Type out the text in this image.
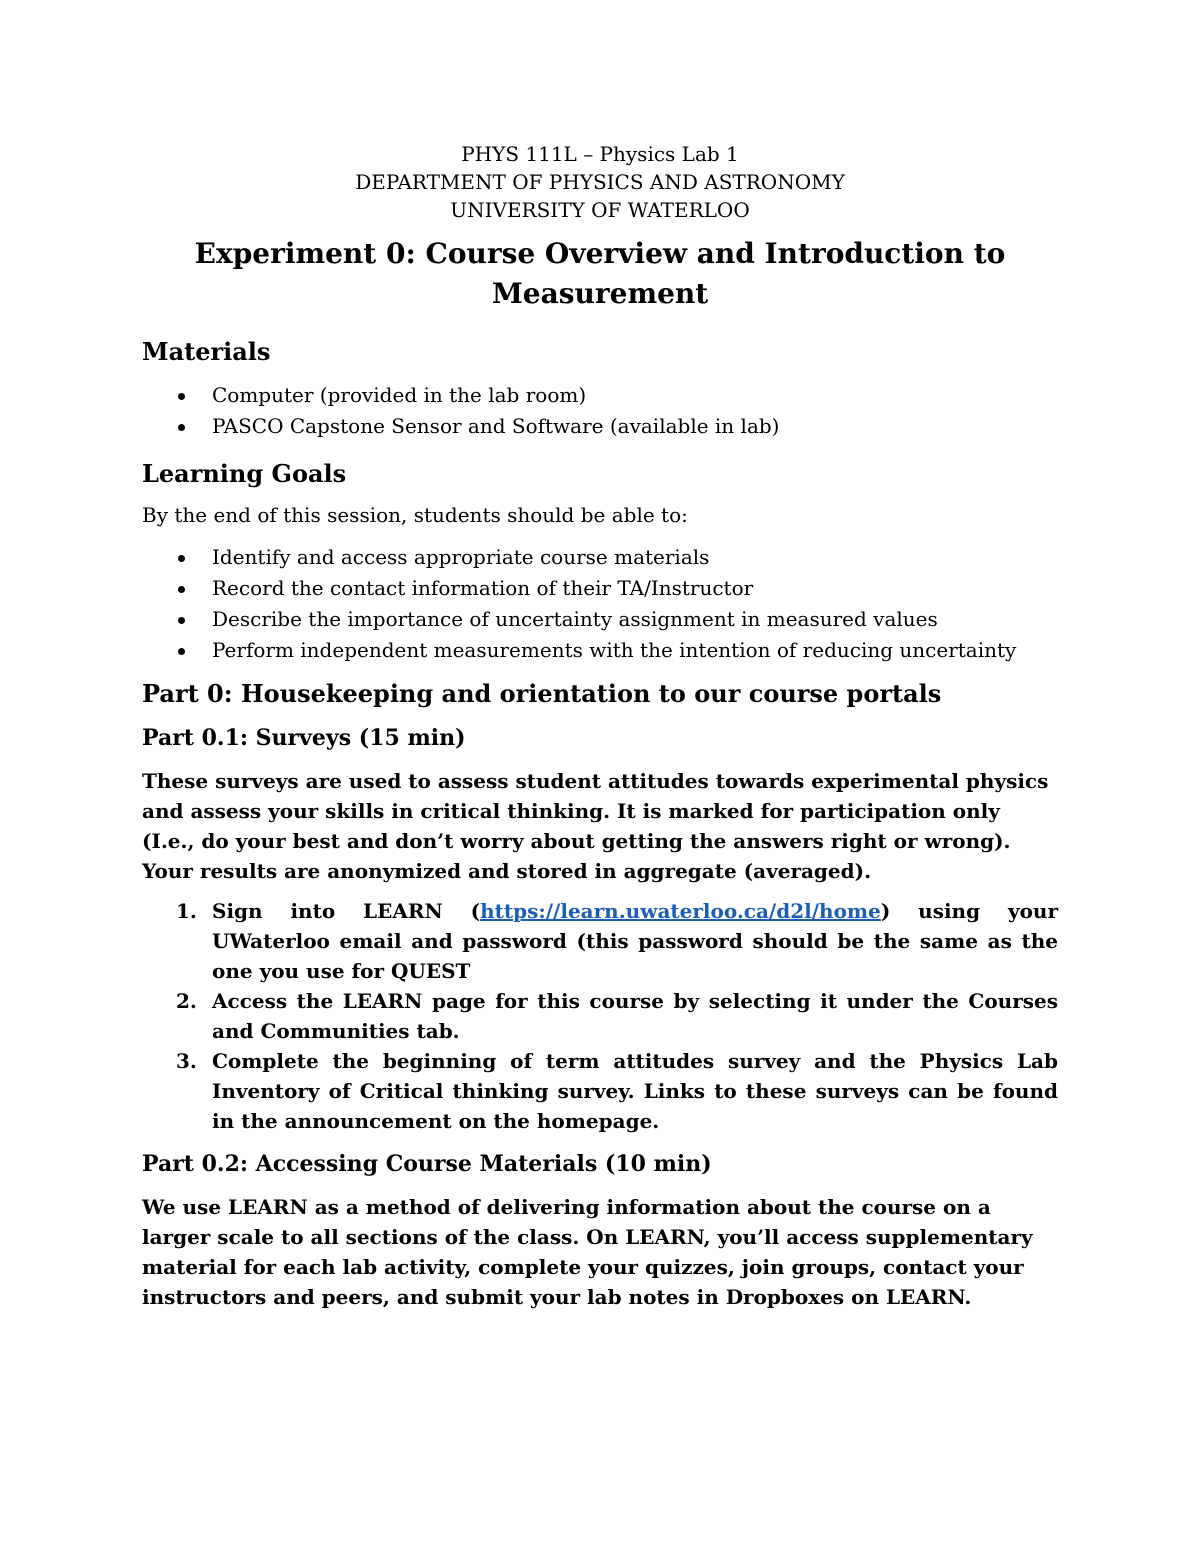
PHYS 111L – Physics Lab 1
DEPARTMENT OF PHYSICS AND ASTRONOMY
UNIVERSITY OF WATERLOO
Experiment 0: Course Overview and Introduction to
Measurement
Materials
Computer (provided in the lab room)
PASCO Capstone Sensor and Software (available in lab)
Learning Goals

By the end of this session, students should be able to:

Identify and access appropriate course materials
Record the contact information of their TA/Instructor
Describe the importance of uncertainty assignment in measured values
Perform independent measurements with the intention of reducing uncertainty
Part 0: Housekeeping and orientation to our course portals
Part 0.1: Surveys (15 min)

These surveys are used to assess student attitudes towards experimental physics and assess your skills in critical thinking. It is marked for participation only (I.e., do your best and don’t worry about getting the answers right or wrong). Your results are anonymized and stored in aggregate (averaged).

1. Sign into LEARN (https://learn.uwaterloo.ca/d2l/home) using your UWaterloo email and password (this password should be the same as the one you use for QUEST
2. Access the LEARN page for this course by selecting it under the Courses and Communities tab.
3. Complete the beginning of term attitudes survey and the Physics Lab Inventory of Critical thinking survey. Links to these surveys can be found in the announcement on the homepage.
Part 0.2: Accessing Course Materials (10 min)

We use LEARN as a method of delivering information about the course on a larger scale to all sections of the class. On LEARN, you’ll access supplementary material for each lab activity, complete your quizzes, join groups, contact your instructors and peers, and submit your lab notes in Dropboxes on LEARN.
